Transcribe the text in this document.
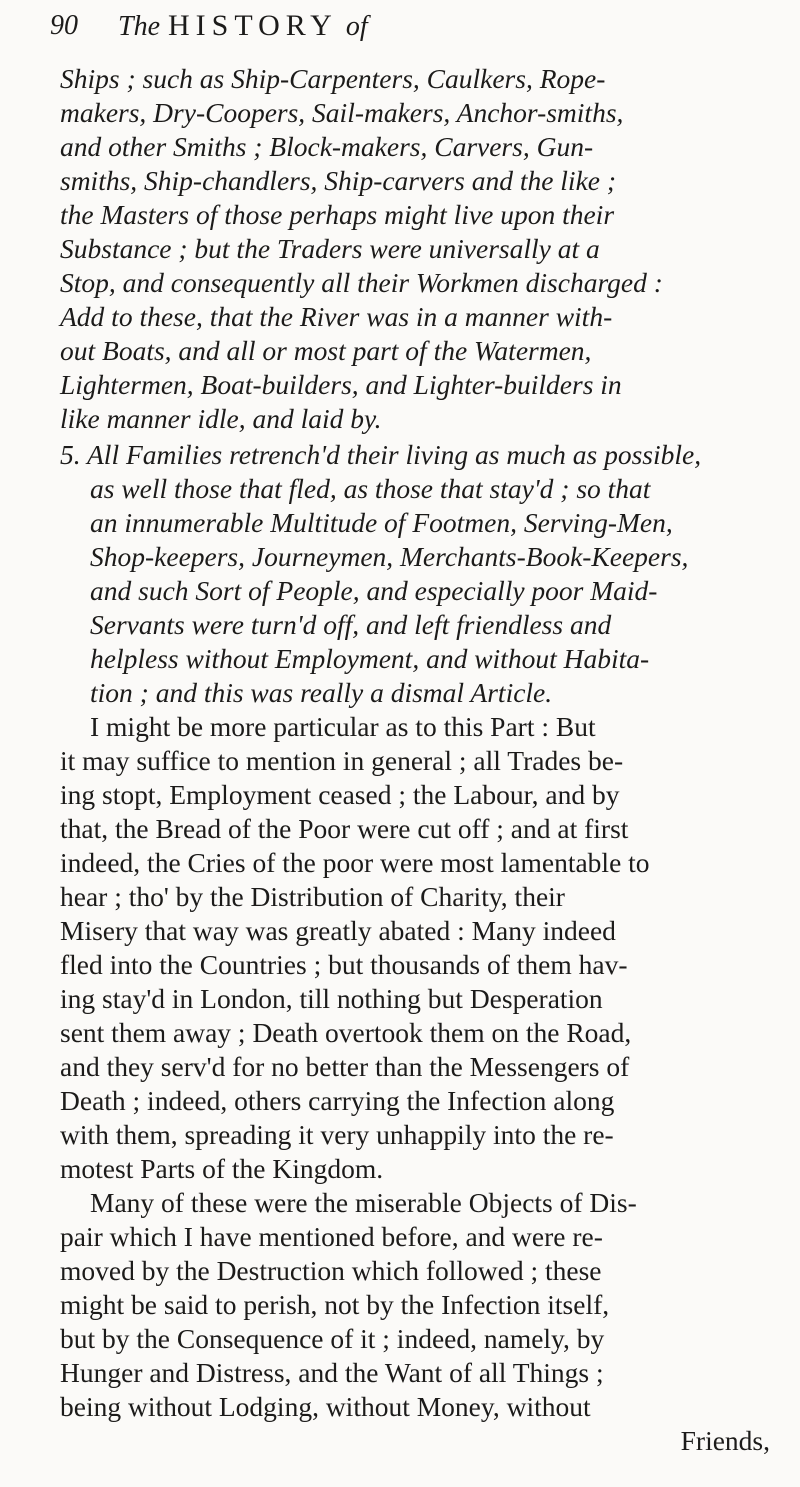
90 The HISTORY of
Ships ; such as Ship-Carpenters, Caulkers, Rope-
makers, Dry-Coopers, Sail-makers, Anchor-smiths,
and other Smiths ; Block-makers, Carvers, Gun-
smiths, Ship-chandlers, Ship-carvers and the like ;
the Masters of those perhaps might live upon their
Substance ; but the Traders were universally at a
Stop, and consequently all their Workmen discharged :
Add to these, that the River was in a manner with-
out Boats, and all or most part of the Watermen,
Lightermen, Boat-builders, and Lighter-builders in
like manner idle, and laid by.
5. All Families retrench'd their living as much as possible,
as well those that fled, as those that stay'd ; so that
an innumerable Multitude of Footmen, Serving-Men,
Shop-keepers, Journeymen, Merchants-Book-Keepers,
and such Sort of People, and especially poor Maid-
Servants were turn'd off, and left friendless and
helpless without Employment, and without Habita-
tion ; and this was really a dismal Article.
I might be more particular as to this Part : But
it may suffice to mention in general ; all Trades be-
ing stopt, Employment ceased ; the Labour, and by
that, the Bread of the Poor were cut off ; and at first
indeed, the Cries of the poor were most lamentable to
hear ; tho' by the Distribution of Charity, their
Misery that way was greatly abated : Many indeed
fled into the Countries ; but thousands of them hav-
ing stay'd in London, till nothing but Desperation
sent them away ; Death overtook them on the Road,
and they serv'd for no better than the Messengers of
Death ; indeed, others carrying the Infection along
with them, spreading it very unhappily into the re-
motest Parts of the Kingdom.
Many of these were the miserable Objects of Dis-
pair which I have mentioned before, and were re-
moved by the Destruction which followed ; these
might be said to perish, not by the Infection itself,
but by the Consequence of it ; indeed, namely, by
Hunger and Distress, and the Want of all Things ;
being without Lodging, without Money, without
Friends,
